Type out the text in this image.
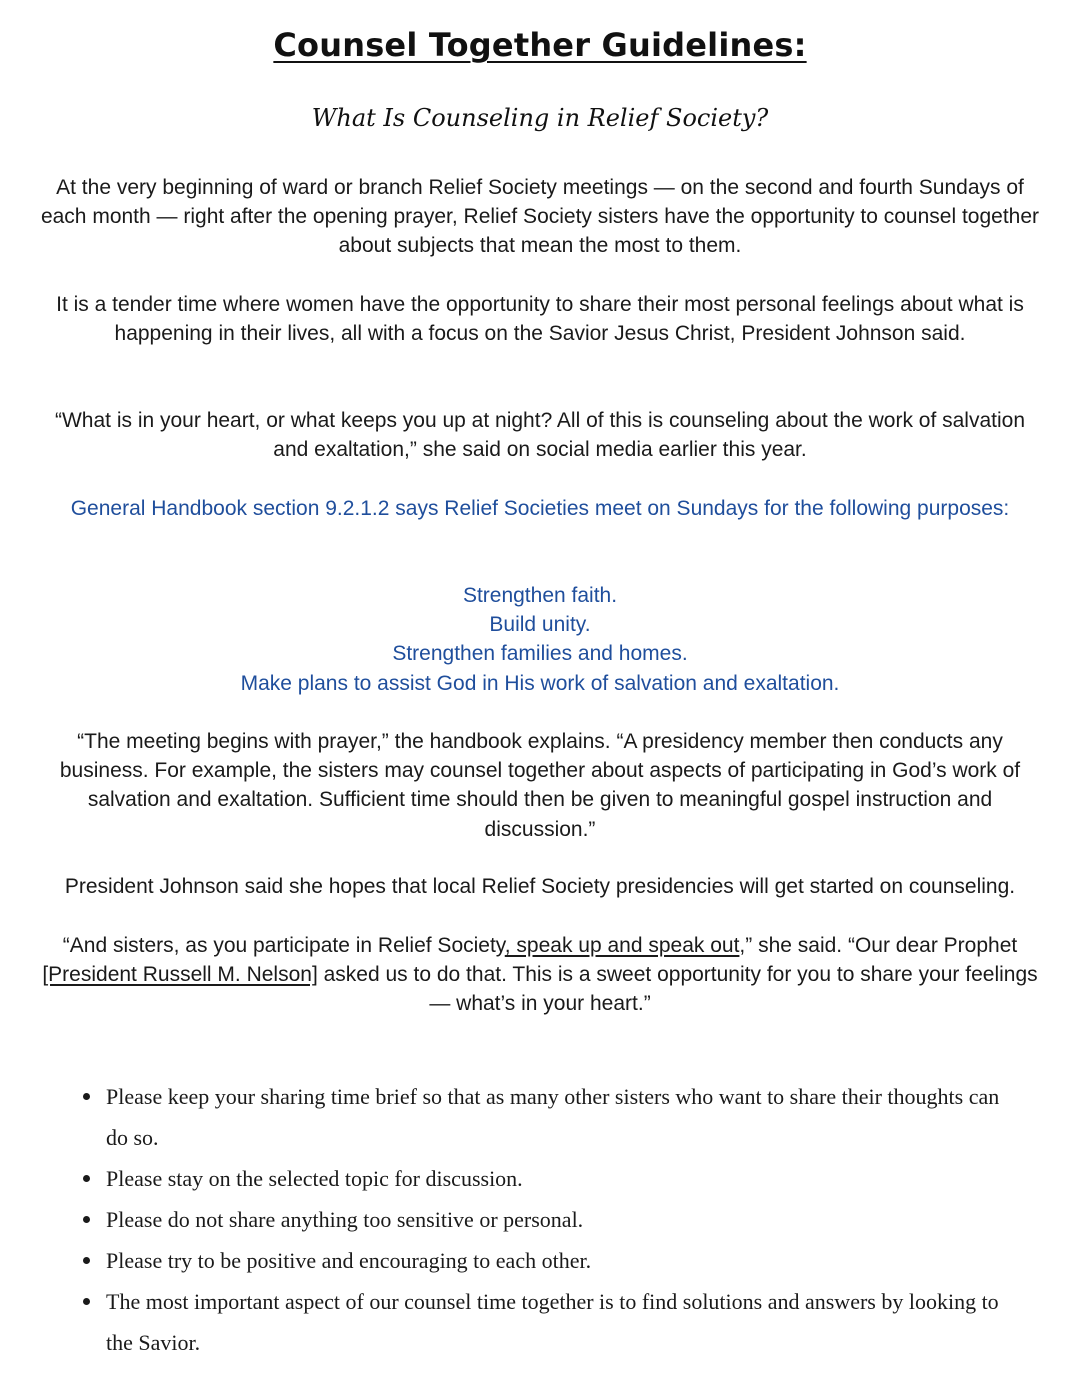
Counsel Together Guidelines:
What Is Counseling in Relief Society?
At the very beginning of ward or branch Relief Society meetings — on the second and fourth Sundays of each month — right after the opening prayer, Relief Society sisters have the opportunity to counsel together about subjects that mean the most to them.
It is a tender time where women have the opportunity to share their most personal feelings about what is happening in their lives, all with a focus on the Savior Jesus Christ, President Johnson said.
“What is in your heart, or what keeps you up at night? All of this is counseling about the work of salvation and exaltation,” she said on social media earlier this year.
General Handbook section 9.2.1.2 says Relief Societies meet on Sundays for the following purposes:
Strengthen faith.
Build unity.
Strengthen families and homes.
Make plans to assist God in His work of salvation and exaltation.
“The meeting begins with prayer,” the handbook explains. “A presidency member then conducts any business. For example, the sisters may counsel together about aspects of participating in God’s work of salvation and exaltation. Sufficient time should then be given to meaningful gospel instruction and discussion.”
President Johnson said she hopes that local Relief Society presidencies will get started on counseling.
“And sisters, as you participate in Relief Society, speak up and speak out,” she said. “Our dear Prophet [President Russell M. Nelson] asked us to do that. This is a sweet opportunity for you to share your feelings — what’s in your heart.”
Please keep your sharing time brief so that as many other sisters who want to share their thoughts can do so.
Please stay on the selected topic for discussion.
Please do not share anything too sensitive or personal.
Please try to be positive and encouraging to each other.
The most important aspect of our counsel time together is to find solutions and answers by looking to the Savior.
